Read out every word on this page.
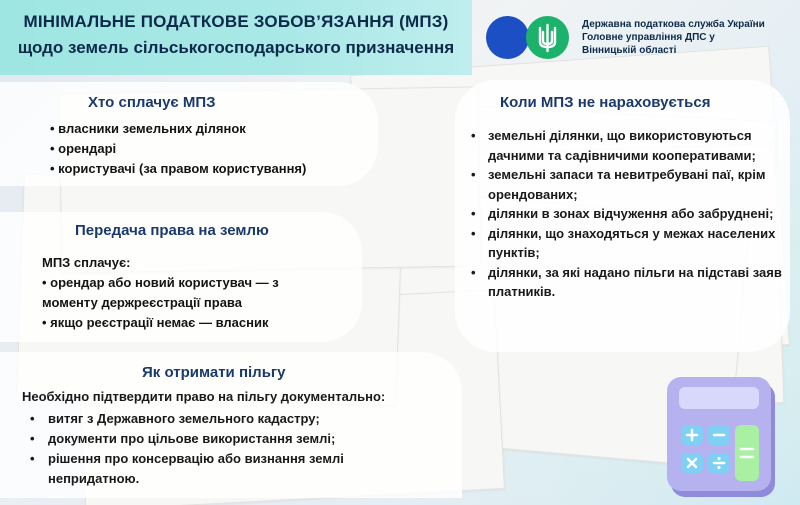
МІНІМАЛЬНЕ ПОДАТКОВЕ ЗОБОВ’ЯЗАННЯ (МПЗ)
щодо земель сільськогосподарського призначення
Державна податкова служба України
Головне управління ДПС у
Вінницькій області
Хто сплачує МПЗ
• власники земельних ділянок
• орендарі
• користувачі (за правом користування)
Передача права на землю
МПЗ сплачує:
• орендар або новий користувач — з
моменту держреєстрації права
• якщо реєстрації немає — власник
Як отримати пільгу
Необхідно підтвердити право на пільгу документально:
• витяг з Державного земельного кадастру;
• документи про цільове використання землі;
• рішення про консервацію або визнання землі непридатною.
Коли МПЗ не нараховується
• земельні ділянки, що використовуються дачними та садівничими кооперативами;
• земельні запаси та невитребувані паї, крім орендованих;
• ділянки в зонах відчуження або забруднені;
• ділянки, що знаходяться у межах населених пунктів;
• ділянки, за які надано пільги на підставі заяв платників.
